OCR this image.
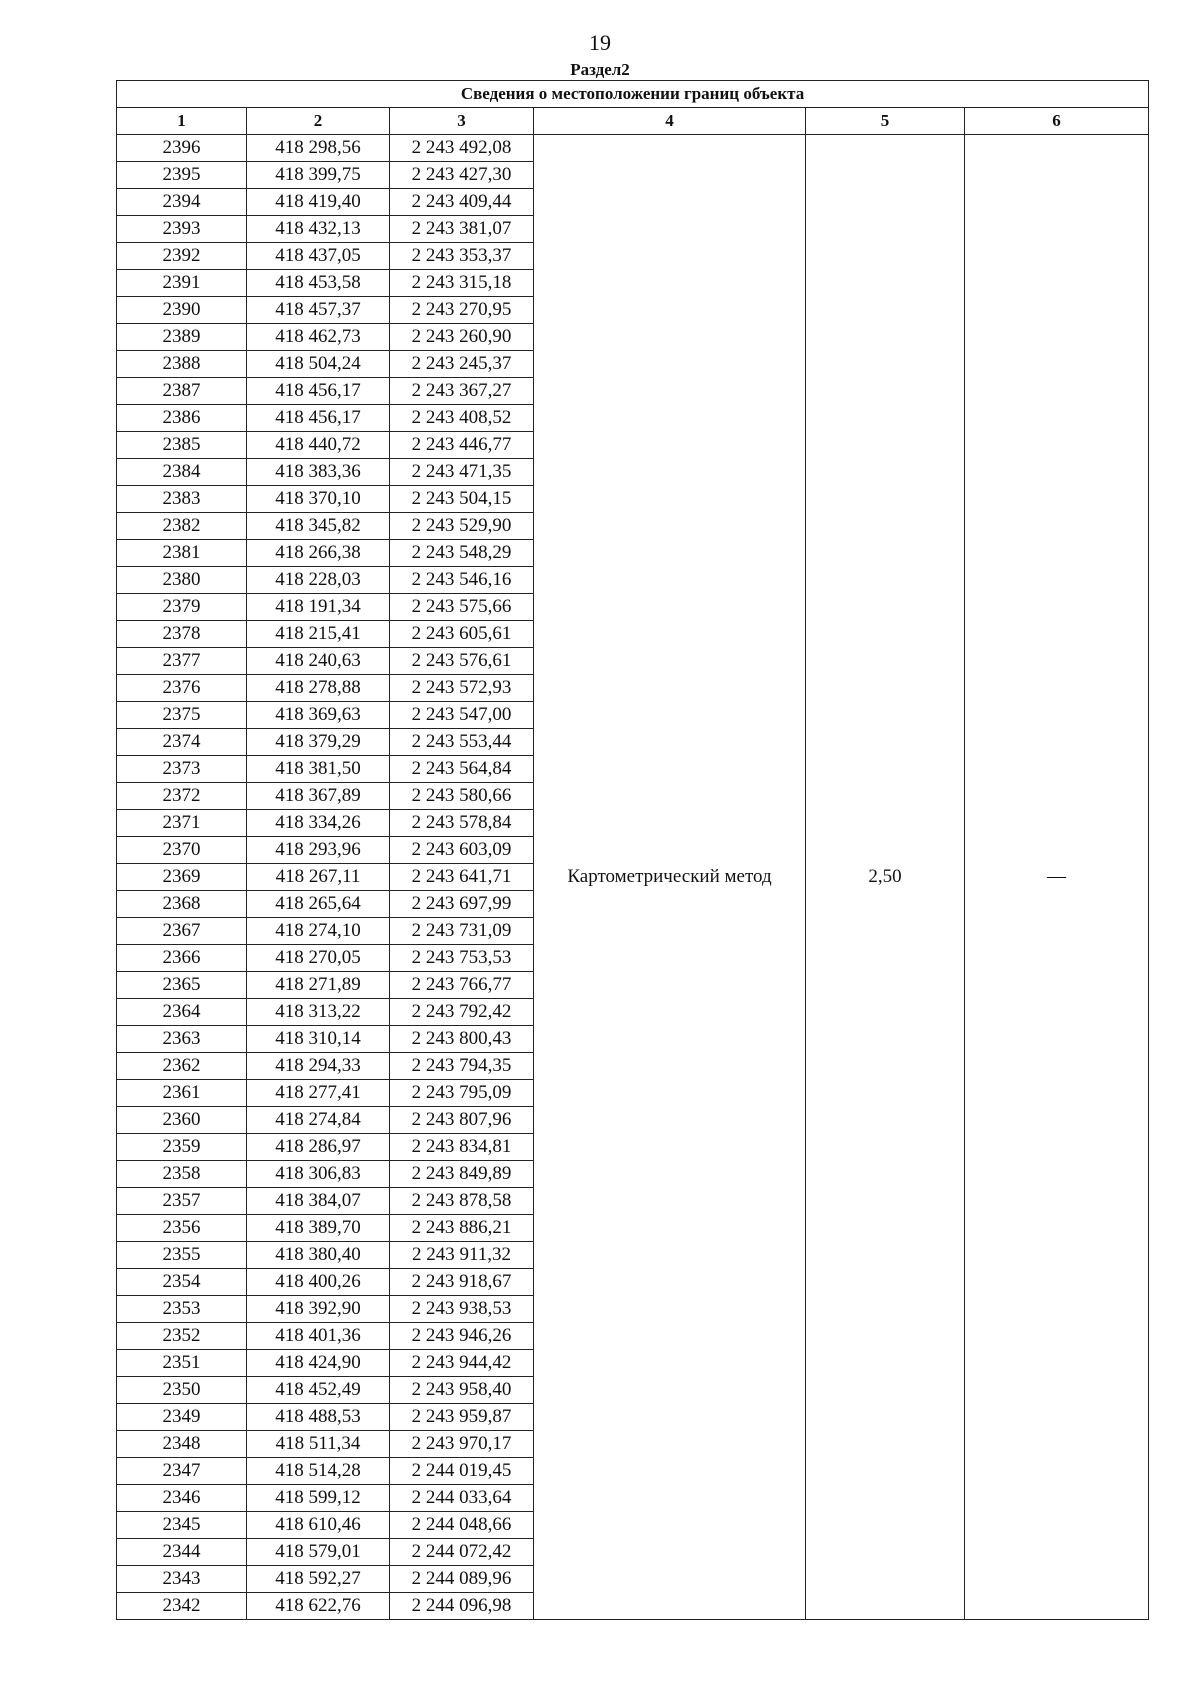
19
Раздел2
Сведения о местоположении границ объекта					
1	2	3	4	5	6
2396	418 298,56	2 243 492,08	Картометрический метод	2,50	—
2395	418 399,75	2 243 427,30			
2394	418 419,40	2 243 409,44			
2393	418 432,13	2 243 381,07			
2392	418 437,05	2 243 353,37			
2391	418 453,58	2 243 315,18			
2390	418 457,37	2 243 270,95			
2389	418 462,73	2 243 260,90			
2388	418 504,24	2 243 245,37			
2387	418 456,17	2 243 367,27			
2386	418 456,17	2 243 408,52			
2385	418 440,72	2 243 446,77			
2384	418 383,36	2 243 471,35			
2383	418 370,10	2 243 504,15			
2382	418 345,82	2 243 529,90			
2381	418 266,38	2 243 548,29			
2380	418 228,03	2 243 546,16			
2379	418 191,34	2 243 575,66			
2378	418 215,41	2 243 605,61			
2377	418 240,63	2 243 576,61			
2376	418 278,88	2 243 572,93			
2375	418 369,63	2 243 547,00			
2374	418 379,29	2 243 553,44			
2373	418 381,50	2 243 564,84			
2372	418 367,89	2 243 580,66			
2371	418 334,26	2 243 578,84			
2370	418 293,96	2 243 603,09			
2369	418 267,11	2 243 641,71			
2368	418 265,64	2 243 697,99			
2367	418 274,10	2 243 731,09			
2366	418 270,05	2 243 753,53			
2365	418 271,89	2 243 766,77			
2364	418 313,22	2 243 792,42			
2363	418 310,14	2 243 800,43			
2362	418 294,33	2 243 794,35			
2361	418 277,41	2 243 795,09			
2360	418 274,84	2 243 807,96			
2359	418 286,97	2 243 834,81			
2358	418 306,83	2 243 849,89			
2357	418 384,07	2 243 878,58			
2356	418 389,70	2 243 886,21			
2355	418 380,40	2 243 911,32			
2354	418 400,26	2 243 918,67			
2353	418 392,90	2 243 938,53			
2352	418 401,36	2 243 946,26			
2351	418 424,90	2 243 944,42			
2350	418 452,49	2 243 958,40			
2349	418 488,53	2 243 959,87			
2348	418 511,34	2 243 970,17			
2347	418 514,28	2 244 019,45			
2346	418 599,12	2 244 033,64			
2345	418 610,46	2 244 048,66			
2344	418 579,01	2 244 072,42			
2343	418 592,27	2 244 089,96			
2342	418 622,76	2 244 096,98			
